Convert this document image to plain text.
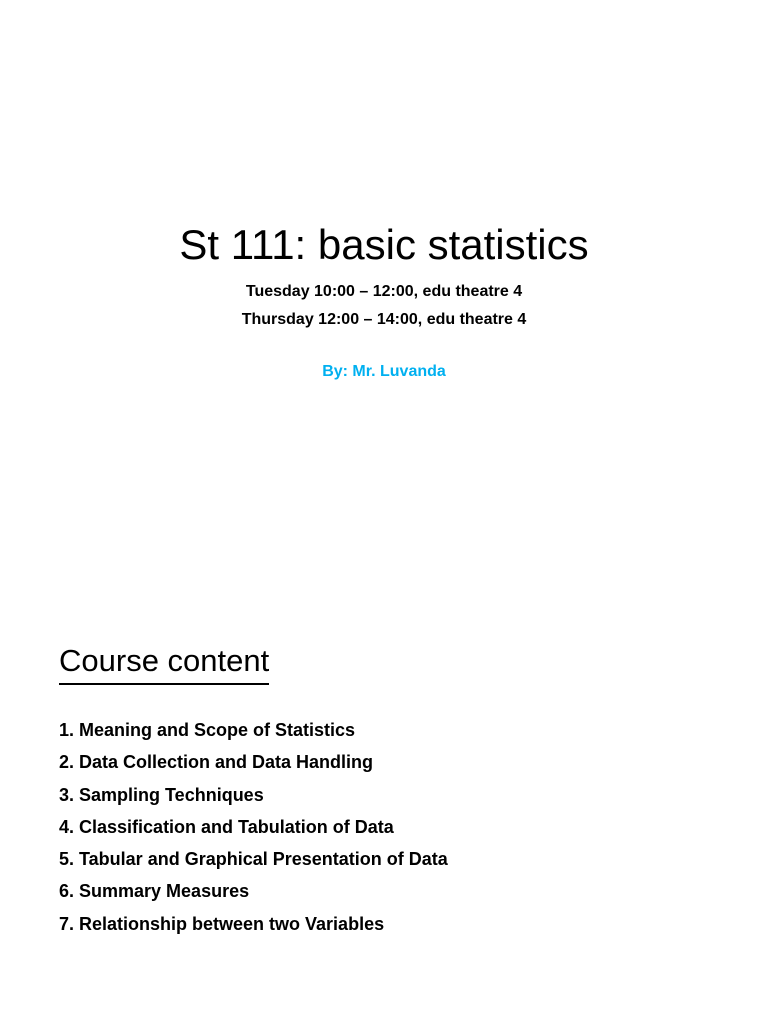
St 111: basic statistics
Tuesday 10:00 – 12:00, edu theatre 4
Thursday 12:00 – 14:00, edu theatre 4
By: Mr. Luvanda
Course content
1. Meaning and Scope of Statistics
2. Data Collection and Data Handling
3. Sampling Techniques
4. Classification and Tabulation of Data
5. Tabular and Graphical Presentation of Data
6. Summary Measures
7. Relationship between two Variables
